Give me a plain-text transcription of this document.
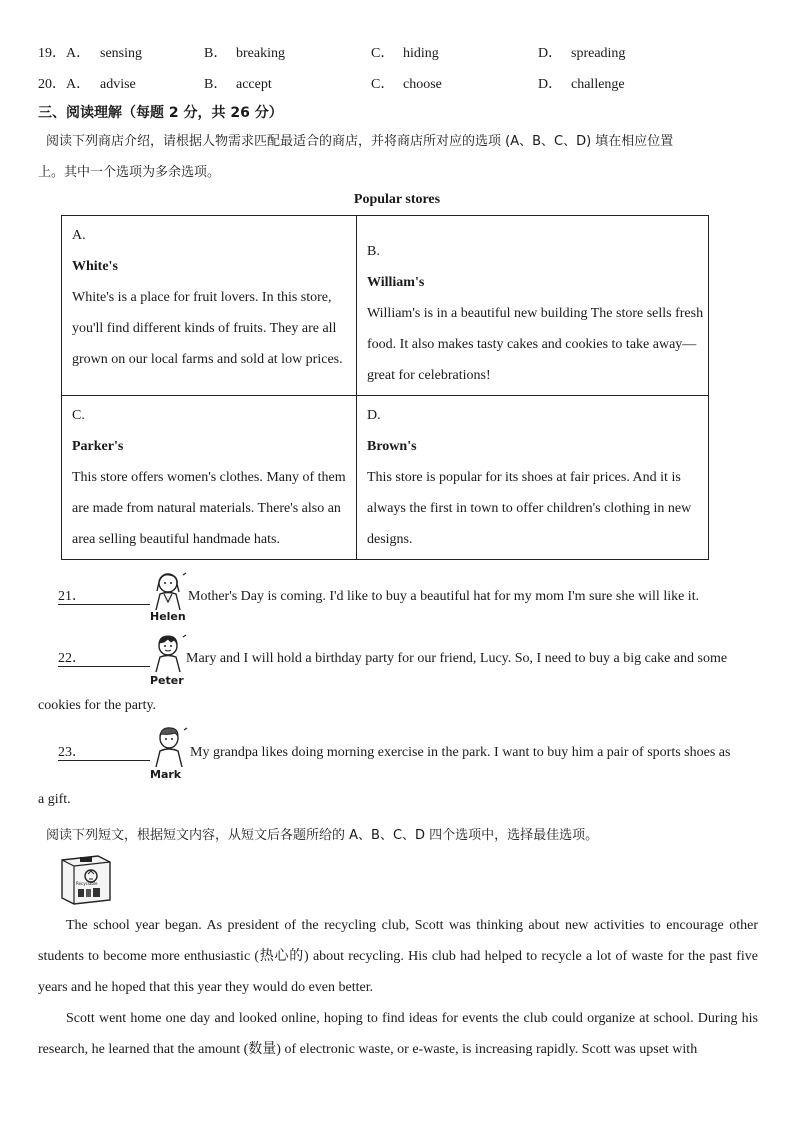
19．A． sensing	B． breaking	C． hiding	D． spreading
20．A． advise	B． accept	C． choose	D． challenge
三、阅读理解（每题 2 分，共 26 分）
阅读下列商店介绍，请根据人物需求匹配最适合的商店，并将商店所对应的选项 (A、B、C、D) 填在相应位置
上。其中一个选项为多余选项。
Popular stores
A.
White's
White's is a place for fruit lovers. In this store, you'll find different kinds of fruits. They are all grown on our local farms and sold at low prices.	B.
William's
William's is in a beautiful new building The store sells fresh food. It also makes tasty cakes and cookies to take away—great for celebrations!

C.
Parker's
This store offers women's clothes. Many of them are made from natural materials. There's also an area selling beautiful handmade hats.	D.
Brown's
This store is popular for its shoes at fair prices. And it is always the first in town to offer children's clothing in new designs.
21．
Helen
Mother's Day is coming. I'd like to buy a beautiful hat for my mom I'm sure she will like it.
22．
Peter
Mary and I will hold a birthday party for our friend, Lucy. So, I need to buy a big cake and some
cookies for the party.
23．
Mark
My grandpa likes doing morning exercise in the park. I want to buy him a pair of sports shoes as
a gift.
阅读下列短文，根据短文内容，从短文后各题所给的 A、B、C、D 四个选项中，选择最佳选项。
Recyclable
The school year began. As president of the recycling club, Scott was thinking about new activities to encourage other students to become more enthusiastic (热心的) about recycling. His club had helped to recycle a lot of waste for the past five years and he hoped that this year they would do even better.
Scott went home one day and looked online, hoping to find ideas for events the club could organize at school. During his research, he learned that the amount (数量) of electronic waste, or e-waste, is increasing rapidly. Scott was upset with
